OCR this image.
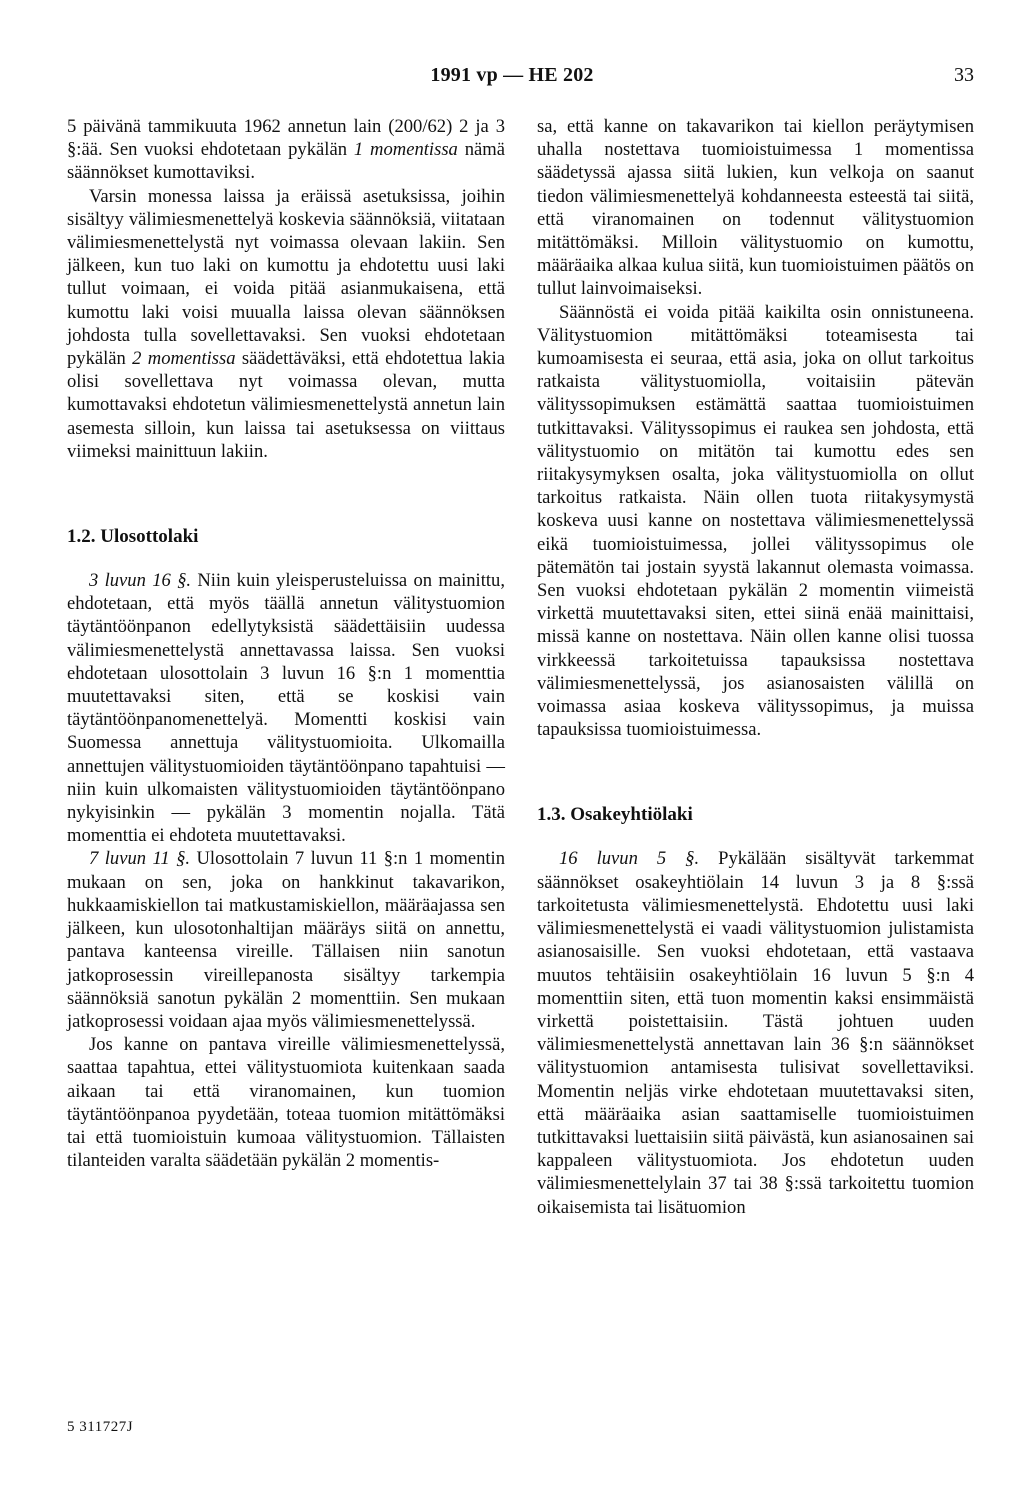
1991 vp — HE 202	33

5 päivänä tammikuuta 1962 annetun lain (200/62) 2 ja 3 §:ää. Sen vuoksi ehdotetaan pykälän 1 momentissa nämä säännökset kumottaviksi.

Varsin monessa laissa ja eräissä asetuksissa, joihin sisältyy välimiesmenettelyä koskevia säännöksiä, viitataan välimiesmenettelystä nyt voimassa olevaan lakiin. Sen jälkeen, kun tuo laki on kumottu ja ehdotettu uusi laki tullut voimaan, ei voida pitää asianmukaisena, että kumottu laki voisi muualla laissa olevan säännöksen johdosta tulla sovellettavaksi. Sen vuoksi ehdotetaan pykälän 2 momentissa säädettäväksi, että ehdotettua lakia olisi sovellettava nyt voimassa olevan, mutta kumottavaksi ehdotetun välimiesmenettelystä annetun lain asemesta silloin, kun laissa tai asetuksessa on viittaus viimeksi mainittuun lakiin.

1.2. Ulosottolaki

3 luvun 16 §. Niin kuin yleisperusteluissa on mainittu, ehdotetaan, että myös täällä annetun välitystuomion täytäntöönpanon edellytyksistä säädettäisiin uudessa välimiesmenettelystä annettavassa laissa. Sen vuoksi ehdotetaan ulosottolain 3 luvun 16 §:n 1 momenttia muutettavaksi siten, että se koskisi vain täytäntöönpanomenettelyä. Momentti koskisi vain Suomessa annettuja välitystuomioita. Ulkomailla annettujen välitystuomioiden täytäntöönpano tapahtuisi — niin kuin ulkomaisten välitystuomioiden täytäntöönpano nykyisinkin — pykälän 3 momentin nojalla. Tätä momenttia ei ehdoteta muutettavaksi.

7 luvun 11 §. Ulosottolain 7 luvun 11 §:n 1 momentin mukaan on sen, joka on hankkinut takavarikon, hukkaamiskiellon tai matkustamiskiellon, määräajassa sen jälkeen, kun ulosotonhaltijan määräys siitä on annettu, pantava kanteensa vireille. Tällaisen niin sanotun jatkoprosessin vireillepanosta sisältyy tarkempia säännöksiä sanotun pykälän 2 momenttiin. Sen mukaan jatkoprosessi voidaan ajaa myös välimiesmenettelyssä.

Jos kanne on pantava vireille välimiesmenettelyssä, saattaa tapahtua, ettei välitystuomiota kuitenkaan saada aikaan tai että viranomainen, kun tuomion täytäntöönpanoa pyydetään, toteaa tuomion mitättömäksi tai että tuomioistuin kumoaa välitystuomion. Tällaisten tilanteiden varalta säädetään pykälän 2 momentis-

sa, että kanne on takavarikon tai kiellon peräytymisen uhalla nostettava tuomioistuimessa 1 momentissa säädetyssä ajassa siitä lukien, kun velkoja on saanut tiedon välimiesmenettelyä kohdanneesta esteestä tai siitä, että viranomainen on todennut välitystuomion mitättömäksi. Milloin välitystuomio on kumottu, määräaika alkaa kulua siitä, kun tuomioistuimen päätös on tullut lainvoimaiseksi.

Säännöstä ei voida pitää kaikilta osin onnistuneena. Välitystuomion mitättömäksi toteamisesta tai kumoamisesta ei seuraa, että asia, joka on ollut tarkoitus ratkaista välitystuomiolla, voitaisiin pätevän välityssopimuksen estämättä saattaa tuomioistuimen tutkittavaksi. Välityssopimus ei raukea sen johdosta, että välitystuomio on mitätön tai kumottu edes sen riitakysymyksen osalta, joka välitystuomiolla on ollut tarkoitus ratkaista. Näin ollen tuota riitakysymystä koskeva uusi kanne on nostettava välimiesmenettelyssä eikä tuomioistuimessa, jollei välityssopimus ole pätemätön tai jostain syystä lakannut olemasta voimassa. Sen vuoksi ehdotetaan pykälän 2 momentin viimeistä virkettä muutettavaksi siten, ettei siinä enää mainittaisi, missä kanne on nostettava. Näin ollen kanne olisi tuossa virkkeessä tarkoitetuissa tapauksissa nostettava välimiesmenettelyssä, jos asianosaisten välillä on voimassa asiaa koskeva välityssopimus, ja muissa tapauksissa tuomioistuimessa.

1.3. Osakeyhtiölaki

16 luvun 5 §. Pykälään sisältyvät tarkemmat säännökset osakeyhtiölain 14 luvun 3 ja 8 §:ssä tarkoitetusta välimiesmenettelystä. Ehdotettu uusi laki välimiesmenettelystä ei vaadi välitystuomion julistamista asianosaisille. Sen vuoksi ehdotetaan, että vastaava muutos tehtäisiin osakeyhtiölain 16 luvun 5 §:n 4 momenttiin siten, että tuon momentin kaksi ensimmäistä virkettä poistettaisiin. Tästä johtuen uuden välimiesmenettelystä annettavan lain 36 §:n säännökset välitystuomion antamisesta tulisivat sovellettaviksi. Momentin neljäs virke ehdotetaan muutettavaksi siten, että määräaika asian saattamiselle tuomioistuimen tutkittavaksi luettaisiin siitä päivästä, kun asianosainen sai kappaleen välitystuomiota. Jos ehdotetun uuden välimiesmenettelylain 37 tai 38 §:ssä tarkoitettu tuomion oikaisemista tai lisätuomion

5 311727J
